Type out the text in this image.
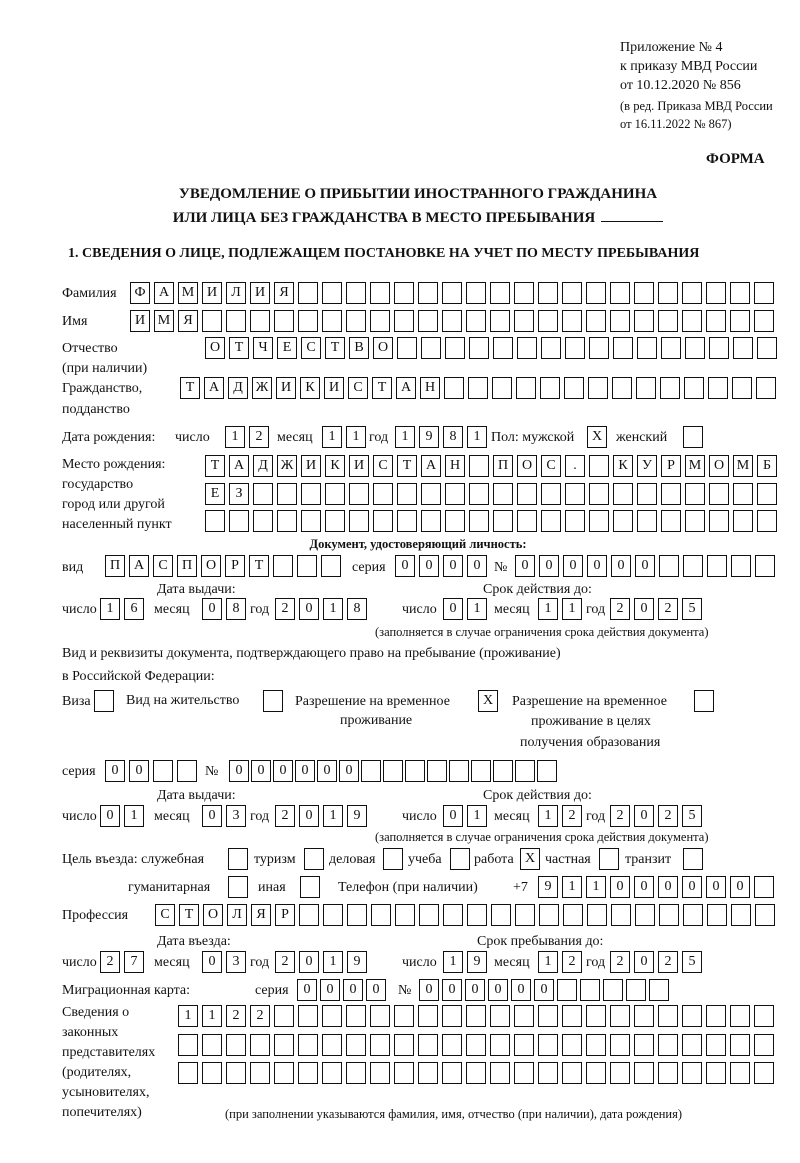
Приложение № 4
к приказу МВД России
от 10.12.2020 № 856
(в ред. Приказа МВД России
от 16.11.2022 № 867)
ФОРМА
УВЕДОМЛЕНИЕ О ПРИБЫТИИ ИНОСТРАННОГО ГРАЖДАНИНА
ИЛИ ЛИЦА БЕЗ ГРАЖДАНСТВА В МЕСТО ПРЕБЫВАНИЯ
1. СВЕДЕНИЯ О ЛИЦЕ, ПОДЛЕЖАЩЕМ ПОСТАНОВКЕ НА УЧЕТ ПО МЕСТУ ПРЕБЫВАНИЯ
Фамилия	Ф А М И	Л	И	Я
Имя	И М Я
Отчество
(при наличии)
О	Т	Ч	Е	С	Т	В	О
Гражданство,
подданство
Т	А	Д Ж И	К	И	С	Т	А Н
Дата рождения: число	1	2	месяц	1	1 год 1	9	8	1 Пол: мужской	X женский
Место рождения:
государство
город или другой
населенный пункт
Т	А	Д Ж И	К	И	С	Т	А Н	П О	С	.	К	У	Р М О М Б
Е	З
Документ, удостоверяющий личность:
вид	П А	С	П О	Р	Т	серия	0	0	0	0 №	0	0	0	0	0	0
Дата выдачи:	Срок действия до:
число 1	6	месяц	0	8 год 2	0	1	8	число 0	1 месяц	1	1 год 2	0	2	5
(заполняется в случае ограничения срока действия документа)
Вид и реквизиты документа, подтверждающего право на пребывание (проживание)
в Российской Федерации:
Виза	Вид на жительство	Разрешение на временное
проживание
X	Разрешение на временное
проживание в целях
получения образования
серия	0	0	№	0	0	0	0	0	0
Дата выдачи:	Срок действия до:
число 0	1	месяц	0	3 год 2	0	1	9	число 0	1 месяц	1	2 год 2	0	2	5
(заполняется в случае ограничения срока действия документа)
Цель въезда: служебная	туризм деловая учеба работа X частная транзит
гуманитарная	иная	Телефон (при наличии)	+7	9	1	1	0	0	0	0	0	0
Профессия	С	Т	О	Л	Я	Р
Дата въезда:	Срок пребывания до:
число 2	7	месяц	0	3 год 2	0	1	9	число 1	9 месяц	1	2 год 2	0	2	5
Миграционная карта:	серия	0	0	0	0	№	0	0	0	0	0	0
Сведения о
законных
представителях
(родителях,
усыновителях,
попечителях)
1	1	2	2
(при заполнении указываются фамилия, имя, отчество (при наличии), дата рождения)
